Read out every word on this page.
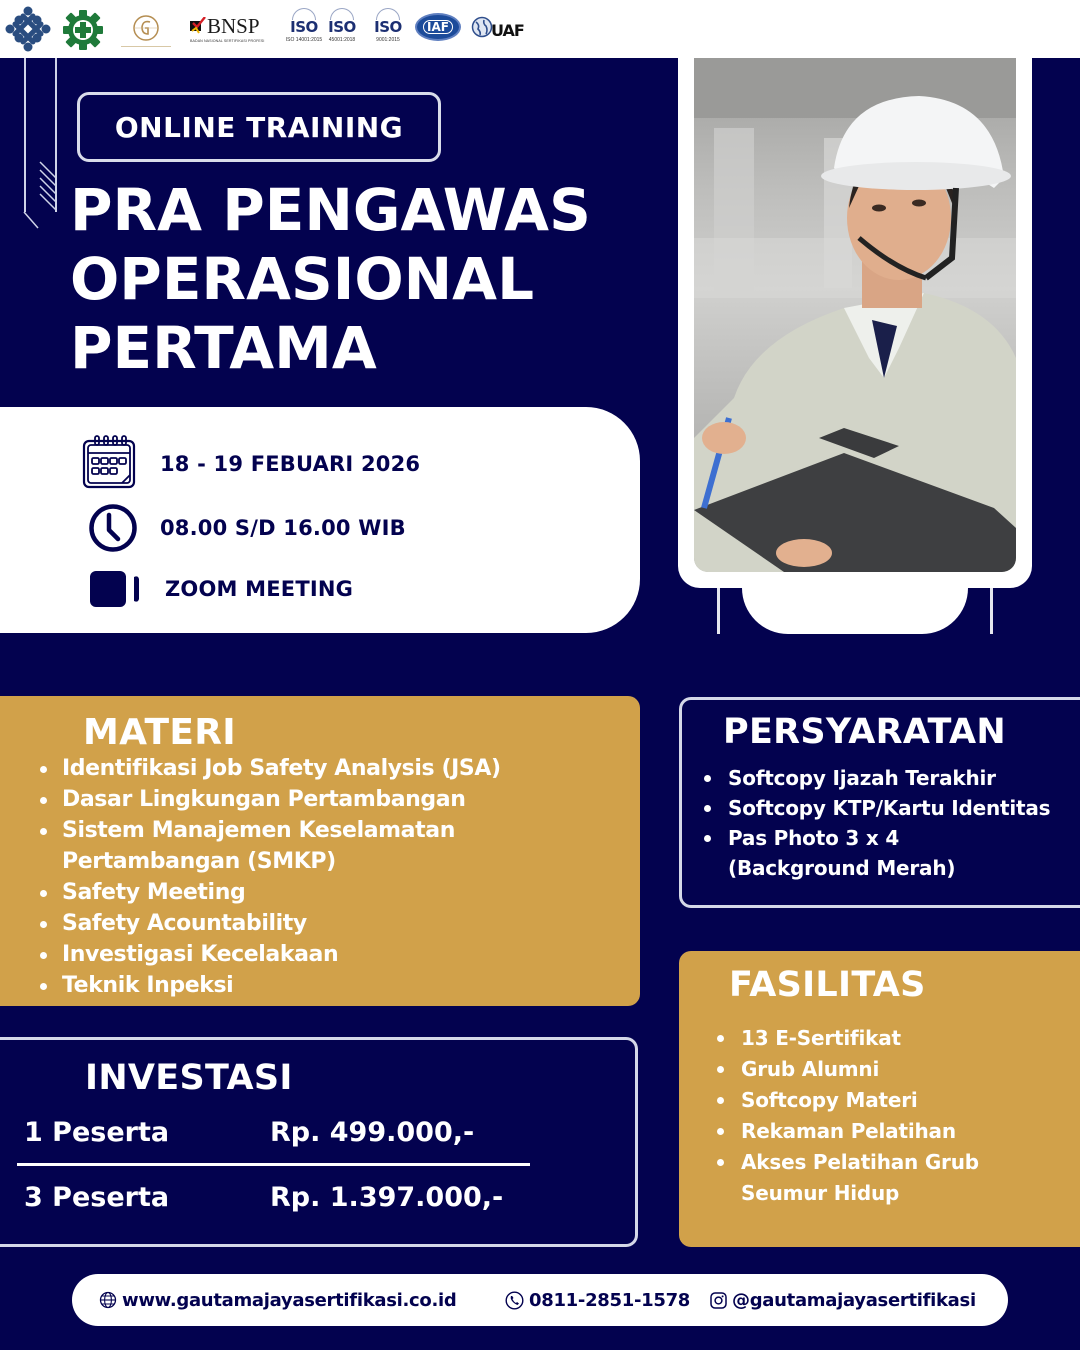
BNSP
BADAN NASIONAL SERTIFIKASI PROFESI
ISO
ISO 14001:2015
ISO
45001:2018
ISO
9001:2015
IAF	UAF
ONLINE TRAINING
PRA PENGAWAS
OPERASIONAL
PERTAMA
18 - 19 FEBUARI 2026
08.00 S/D 16.00 WIB
ZOOM MEETING
MATERI
Identifikasi Job Safety Analysis (JSA)
Dasar Lingkungan Pertambangan
Sistem Manajemen Keselamatan Pertambangan (SMKP)
Safety Meeting
Safety Acountability
Investigasi Kecelakaan
Teknik Inpeksi
PERSYARATAN
Softcopy Ijazah Terakhir
Softcopy KTP/Kartu Identitas
Pas Photo 3 x 4 (Background Merah)
FASILITAS
13 E-Sertifikat
Grub Alumni
Softcopy Materi
Rekaman Pelatihan
Akses Pelatihan Grub Seumur Hidup
INVESTASI
1 Peserta	Rp. 499.000,-
3 Peserta	Rp. 1.397.000,-
www.gautamajayasertifikasi.co.id	0811-2851-1578 @gautamajayasertifikasi
